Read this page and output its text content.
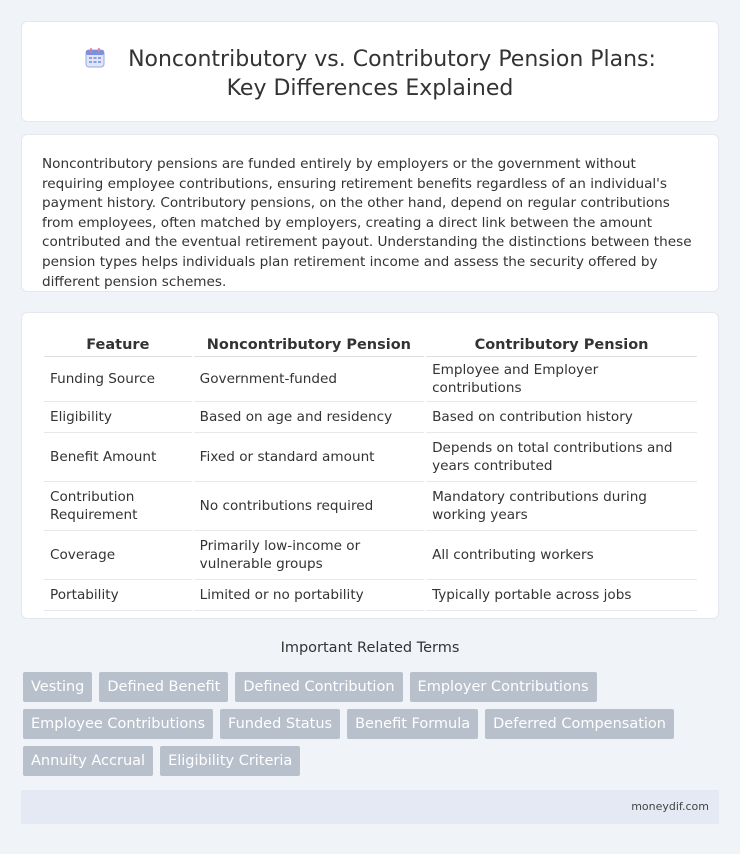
Noncontributory vs. Contributory Pension Plans: Key Differences Explained

Noncontributory pensions are funded entirely by employers or the government without requiring employee contributions, ensuring retirement benefits regardless of an individual's payment history. Contributory pensions, on the other hand, depend on regular contributions from employees, often matched by employers, creating a direct link between the amount contributed and the eventual retirement payout. Understanding the distinctions between these pension types helps individuals plan retirement income and assess the security offered by different pension schemes.

Feature	Noncontributory Pension	Contributory Pension
Funding Source	Government-funded	Employee and Employer contributions
Eligibility	Based on age and residency	Based on contribution history
Benefit Amount	Fixed or standard amount	Depends on total contributions and years contributed
Contribution Requirement	No contributions required	Mandatory contributions during working years
Coverage	Primarily low-income or vulnerable groups	All contributing workers
Portability	Limited or no portability	Typically portable across jobs
Important Related Terms
Vesting	Defined Benefit	Defined Contribution	Employer Contributions
Employee Contributions	Funded Status	Benefit Formula	Deferred Compensation
Annuity Accrual	Eligibility Criteria
moneydif.com
